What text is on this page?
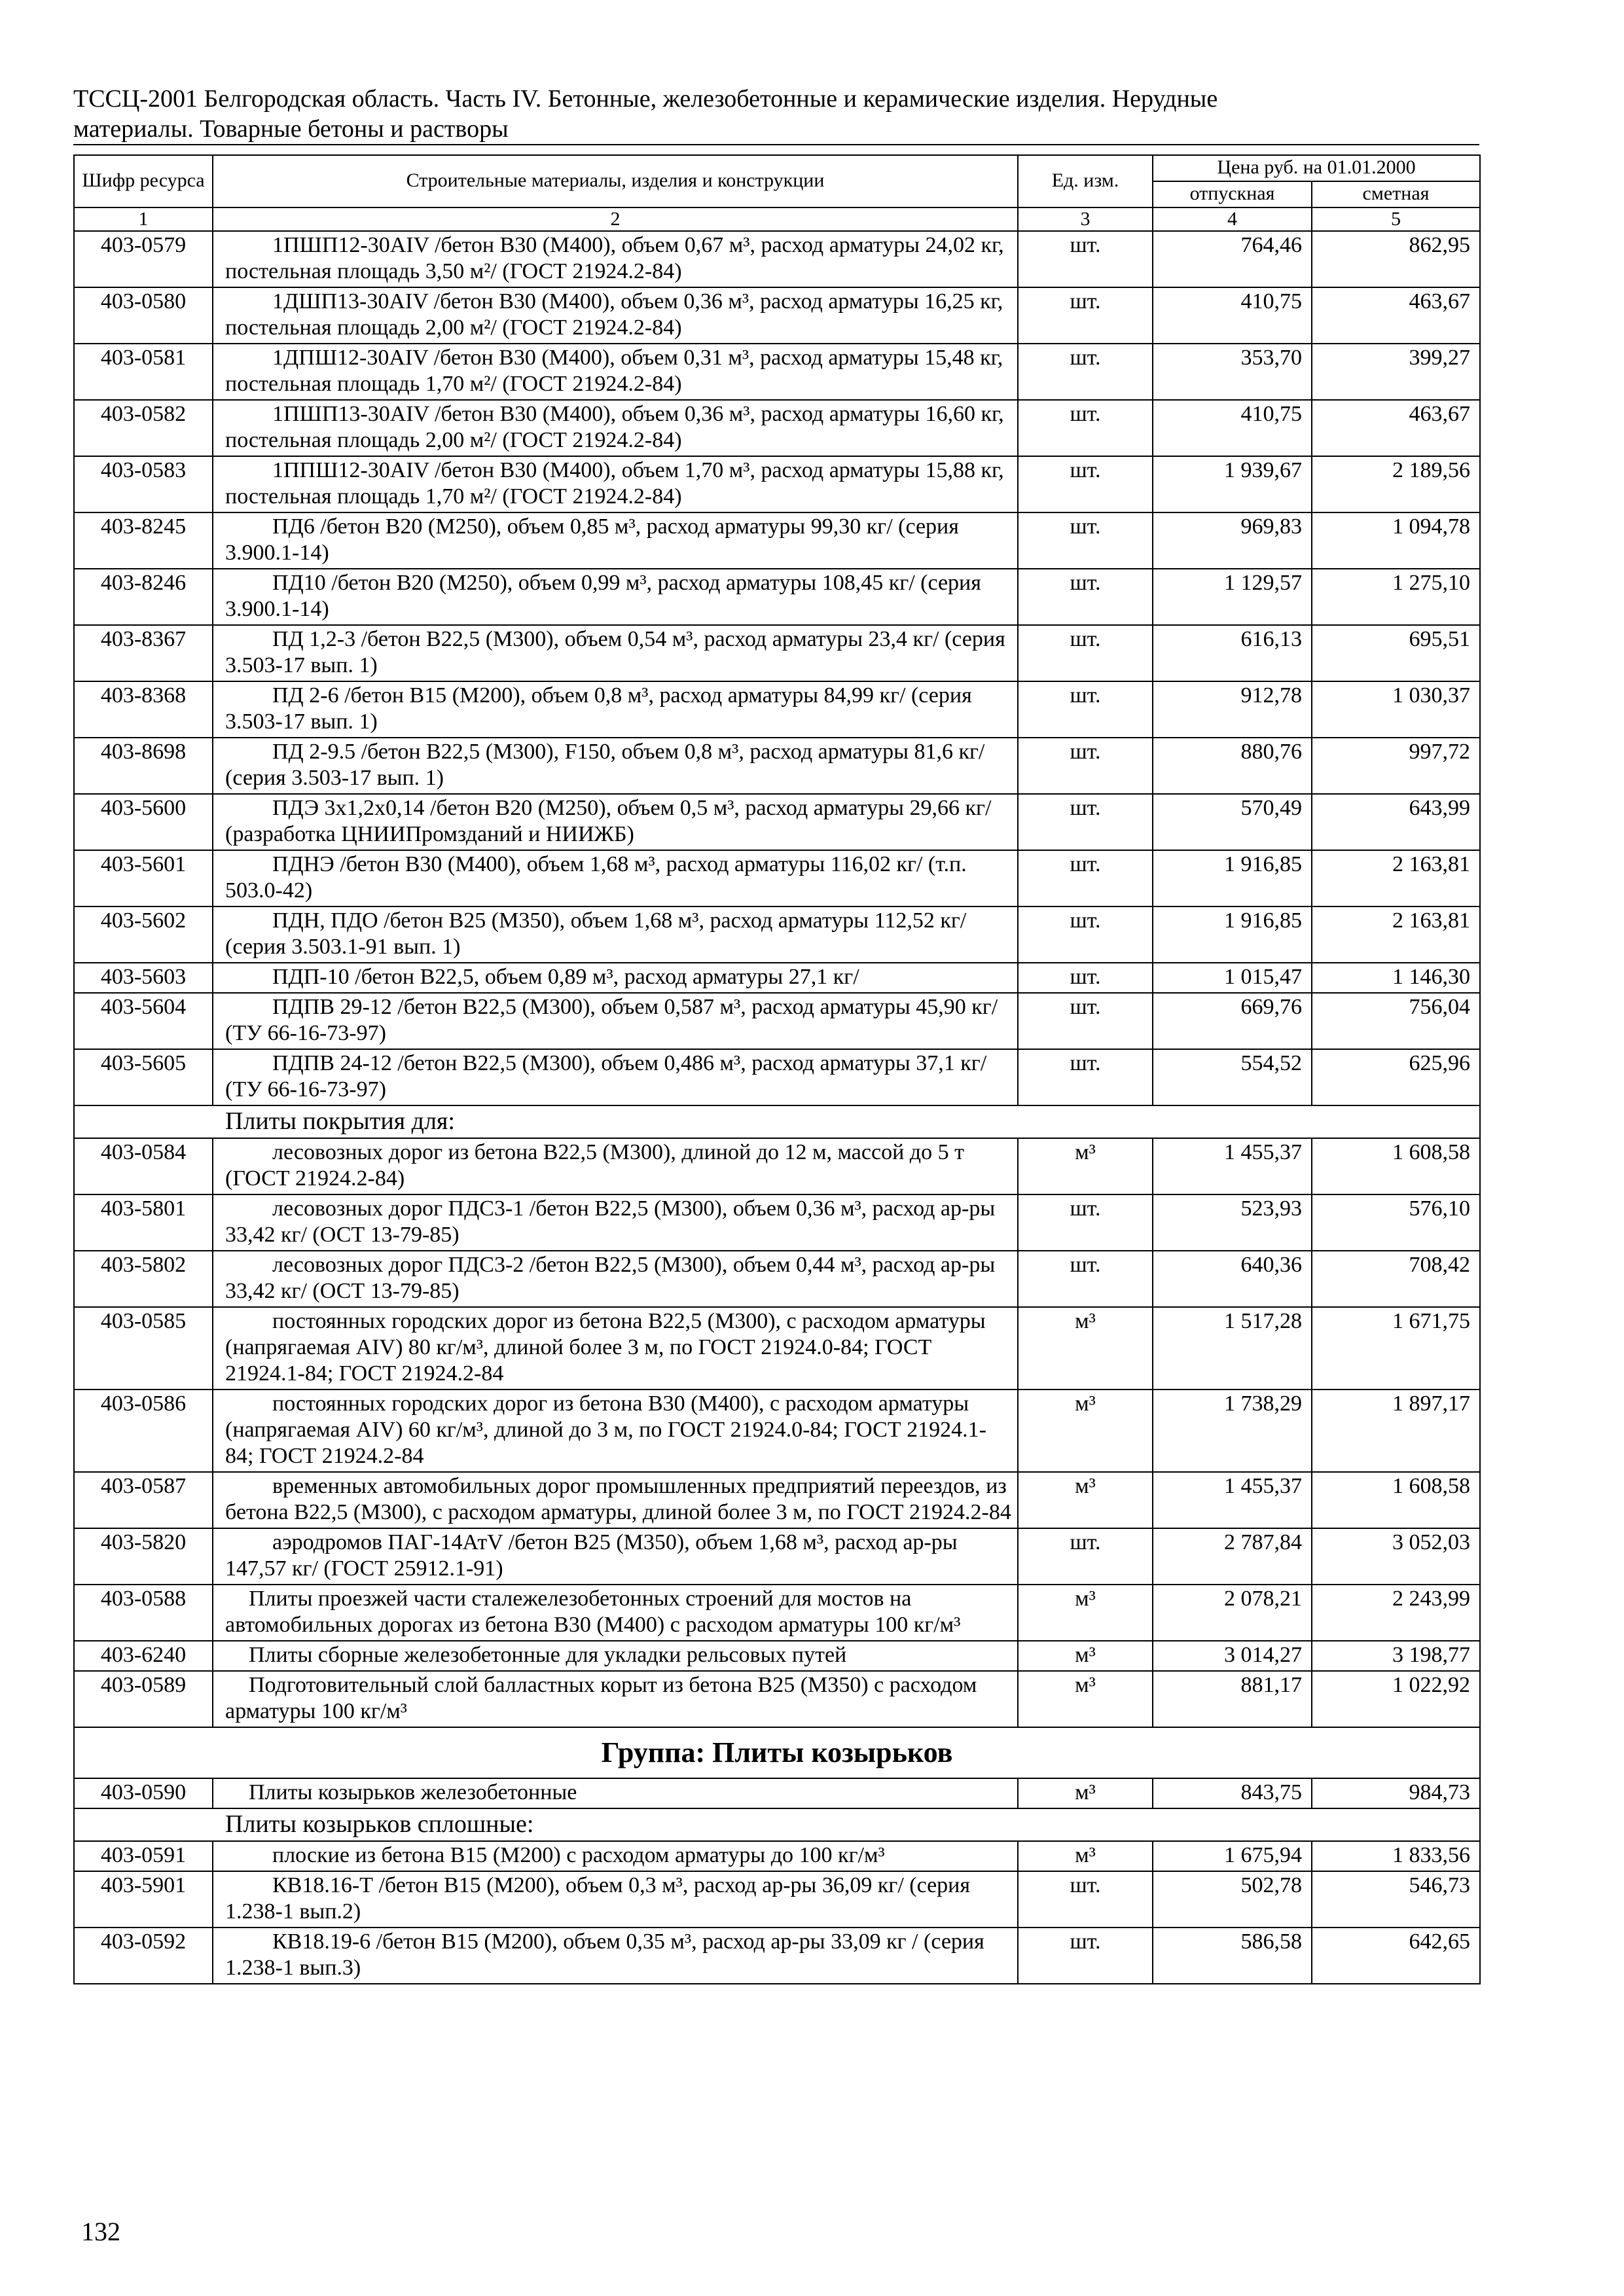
ТССЦ-2001 Белгородская область. Часть IV. Бетонные, железобетонные и керамические изделия. Нерудные
материалы. Товарные бетоны и растворы
Шифр ресурса	Строительные материалы, изделия и конструкции	Ед. изм.	Цена руб. на 01.01.2000	
			отпускная	сметная
1	2	3	4	5
403-0579	1ПШП12-30AIV /бетон В30 (М400), объем 0,67 м³, расход арматуры 24,02 кг, постельная площадь 3,50 м²/ (ГОСТ 21924.2-84)	шт.	764,46	862,95
403-0580	1ДШП13-30AIV /бетон В30 (М400), объем 0,36 м³, расход арматуры 16,25 кг, постельная площадь 2,00 м²/ (ГОСТ 21924.2-84)	шт.	410,75	463,67
403-0581	1ДПШ12-30AIV /бетон В30 (М400), объем 0,31 м³, расход арматуры 15,48 кг, постельная площадь 1,70 м²/ (ГОСТ 21924.2-84)	шт.	353,70	399,27
403-0582	1ПШП13-30AIV /бетон В30 (М400), объем 0,36 м³, расход арматуры 16,60 кг, постельная площадь 2,00 м²/ (ГОСТ 21924.2-84)	шт.	410,75	463,67
403-0583	1ППШ12-30AIV /бетон В30 (М400), объем 1,70 м³, расход арматуры 15,88 кг, постельная площадь 1,70 м²/ (ГОСТ 21924.2-84)	шт.	1 939,67	2 189,56
403-8245	ПД6 /бетон В20 (М250), объем 0,85 м³, расход арматуры 99,30 кг/ (серия 3.900.1-14)	шт.	969,83	1 094,78
403-8246	ПД10 /бетон В20 (М250), объем 0,99 м³, расход арматуры 108,45 кг/ (серия 3.900.1-14)	шт.	1 129,57	1 275,10
403-8367	ПД 1,2-3 /бетон В22,5 (М300), объем 0,54 м³, расход арматуры 23,4 кг/ (серия 3.503-17 вып. 1)	шт.	616,13	695,51
403-8368	ПД 2-6 /бетон В15 (М200), объем 0,8 м³, расход арматуры 84,99 кг/ (серия 3.503-17 вып. 1)	шт.	912,78	1 030,37
403-8698	ПД 2-9.5 /бетон В22,5 (М300), F150, объем 0,8 м³, расход арматуры 81,6 кг/ (серия 3.503-17 вып. 1)	шт.	880,76	997,72
403-5600	ПДЭ 3х1,2х0,14 /бетон В20 (М250), объем 0,5 м³, расход арматуры 29,66 кг/ (разработка ЦНИИПромзданий и НИИЖБ)	шт.	570,49	643,99
403-5601	ПДНЭ /бетон В30 (М400), объем 1,68 м³, расход арматуры 116,02 кг/ (т.п. 503.0-42)	шт.	1 916,85	2 163,81
403-5602	ПДН, ПДО /бетон В25 (М350), объем 1,68 м³, расход арматуры 112,52 кг/ (серия 3.503.1-91 вып. 1)	шт.	1 916,85	2 163,81
403-5603	ПДП-10 /бетон В22,5, объем 0,89 м³, расход арматуры 27,1 кг/	шт.	1 015,47	1 146,30
403-5604	ПДПВ 29-12 /бетон В22,5 (М300), объем 0,587 м³, расход арматуры 45,90 кг/ (ТУ 66-16-73-97)	шт.	669,76	756,04
403-5605	ПДПВ 24-12 /бетон В22,5 (М300), объем 0,486 м³, расход арматуры 37,1 кг/ (ТУ 66-16-73-97)	шт.	554,52	625,96
Плиты покрытия для:				
403-0584	лесовозных дорог из бетона В22,5 (М300), длиной до 12 м, массой до 5 т (ГОСТ 21924.2-84)	м³	1 455,37	1 608,58
403-5801	лесовозных дорог ПДС3-1 /бетон В22,5 (М300), объем 0,36 м³, расход ар-ры 33,42 кг/ (ОСТ 13-79-85)	шт.	523,93	576,10
403-5802	лесовозных дорог ПДС3-2 /бетон В22,5 (М300), объем 0,44 м³, расход ар-ры 33,42 кг/ (ОСТ 13-79-85)	шт.	640,36	708,42
403-0585	постоянных городских дорог из бетона В22,5 (М300), с расходом арматуры (напрягаемая AIV) 80 кг/м³, длиной более 3 м, по ГОСТ 21924.0-84; ГОСТ 21924.1-84; ГОСТ 21924.2-84	м³	1 517,28	1 671,75
403-0586	постоянных городских дорог из бетона В30 (М400), с расходом арматуры (напрягаемая AIV) 60 кг/м³, длиной до 3 м, по ГОСТ 21924.0-84; ГОСТ 21924.1-84; ГОСТ 21924.2-84	м³	1 738,29	1 897,17
403-0587	временных автомобильных дорог промышленных предприятий переездов, из бетона В22,5 (М300), с расходом арматуры, длиной более 3 м, по ГОСТ 21924.2-84	м³	1 455,37	1 608,58
403-5820	аэродромов ПАГ-14АтV /бетон В25 (М350), объем 1,68 м³, расход ар-ры 147,57 кг/ (ГОСТ 25912.1-91)	шт.	2 787,84	3 052,03
403-0588	Плиты проезжей части сталежелезобетонных строений для мостов на автомобильных дорогах из бетона В30 (М400) с расходом арматуры 100 кг/м³	м³	2 078,21	2 243,99
403-6240	Плиты сборные железобетонные для укладки рельсовых путей	м³	3 014,27	3 198,77
403-0589	Подготовительный слой балластных корыт из бетона В25 (М350) с расходом арматуры 100 кг/м³	м³	881,17	1 022,92
Группа: Плиты козырьков				
403-0590	Плиты козырьков железобетонные	м³	843,75	984,73
Плиты козырьков сплошные:				
403-0591	плоские из бетона В15 (М200) с расходом арматуры до 100 кг/м³	м³	1 675,94	1 833,56
403-5901	КВ18.16-Т /бетон В15 (М200), объем 0,3 м³, расход ар-ры 36,09 кг/ (серия 1.238-1 вып.2)	шт.	502,78	546,73
403-0592	КВ18.19-6 /бетон В15 (М200), объем 0,35 м³, расход ар-ры 33,09 кг / (серия 1.238-1 вып.3)	шт.	586,58	642,65
132
